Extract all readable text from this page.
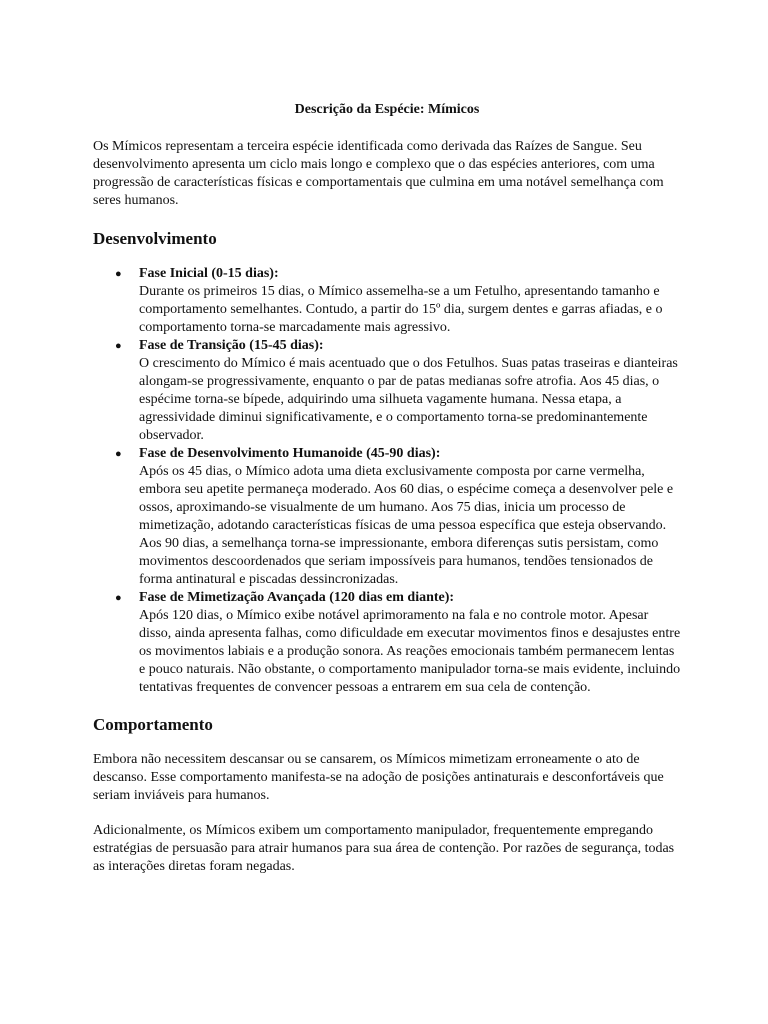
Descrição da Espécie: Mímicos

Os Mímicos representam a terceira espécie identificada como derivada das Raízes de Sangue. Seu desenvolvimento apresenta um ciclo mais longo e complexo que o das espécies anteriores, com uma progressão de características físicas e comportamentais que culmina em uma notável semelhança com seres humanos.

Desenvolvimento
● Fase Inicial (0-15 dias):
Durante os primeiros 15 dias, o Mímico assemelha-se a um Fetulho, apresentando tamanho e comportamento semelhantes. Contudo, a partir do 15º dia, surgem dentes e garras afiadas, e o comportamento torna-se marcadamente mais agressivo.
● Fase de Transição (15-45 dias):
O crescimento do Mímico é mais acentuado que o dos Fetulhos. Suas patas traseiras e dianteiras alongam-se progressivamente, enquanto o par de patas medianas sofre atrofia. Aos 45 dias, o espécime torna-se bípede, adquirindo uma silhueta vagamente humana. Nessa etapa, a agressividade diminui significativamente, e o comportamento torna-se predominantemente observador.
● Fase de Desenvolvimento Humanoide (45-90 dias):
Após os 45 dias, o Mímico adota uma dieta exclusivamente composta por carne vermelha, embora seu apetite permaneça moderado. Aos 60 dias, o espécime começa a desenvolver pele e ossos, aproximando-se visualmente de um humano. Aos 75 dias, inicia um processo de mimetização, adotando características físicas de uma pessoa específica que esteja observando. Aos 90 dias, a semelhança torna-se impressionante, embora diferenças sutis persistam, como movimentos descoordenados que seriam impossíveis para humanos, tendões tensionados de forma antinatural e piscadas dessincronizadas.
● Fase de Mimetização Avançada (120 dias em diante):
Após 120 dias, o Mímico exibe notável aprimoramento na fala e no controle motor. Apesar disso, ainda apresenta falhas, como dificuldade em executar movimentos finos e desajustes entre os movimentos labiais e a produção sonora. As reações emocionais também permanecem lentas e pouco naturais. Não obstante, o comportamento manipulador torna-se mais evidente, incluindo tentativas frequentes de convencer pessoas a entrarem em sua cela de contenção.
Comportamento

Embora não necessitem descansar ou se cansarem, os Mímicos mimetizam erroneamente o ato de descanso. Esse comportamento manifesta-se na adoção de posições antinaturais e desconfortáveis que seriam inviáveis para humanos.

Adicionalmente, os Mímicos exibem um comportamento manipulador, frequentemente empregando estratégias de persuasão para atrair humanos para sua área de contenção. Por razões de segurança, todas as interações diretas foram negadas.
